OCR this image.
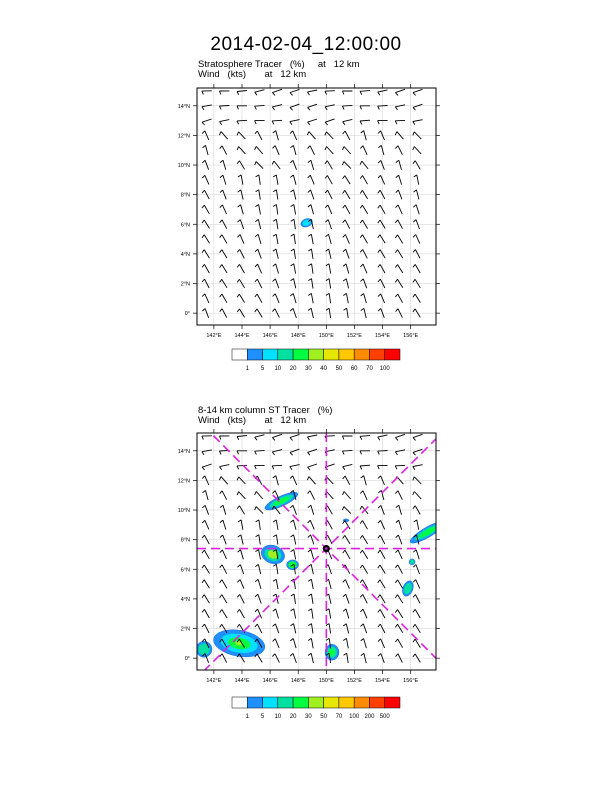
2014-02-04_12:00:00
Stratosphere Tracer   (%)     at   12 km
Wind   (kts)       at   12 km
8-14 km column ST Tracer   (%)
Wind   (kts)       at   12 km
142°E 144°E 146°E 148°E 150°E 152°E 154°E 156°E
0°
2°N
4°N
6°N
8°N
10°N
12°N
14°N
142°E 144°E 146°E 148°E 150°E 152°E 154°E 156°E
0°
2°N
4°N
6°N
8°N
10°N
12°N
14°N
1 5 10 20 30 40 50 60 70 100
1 5 10 20 30 50 70 100 200 500
